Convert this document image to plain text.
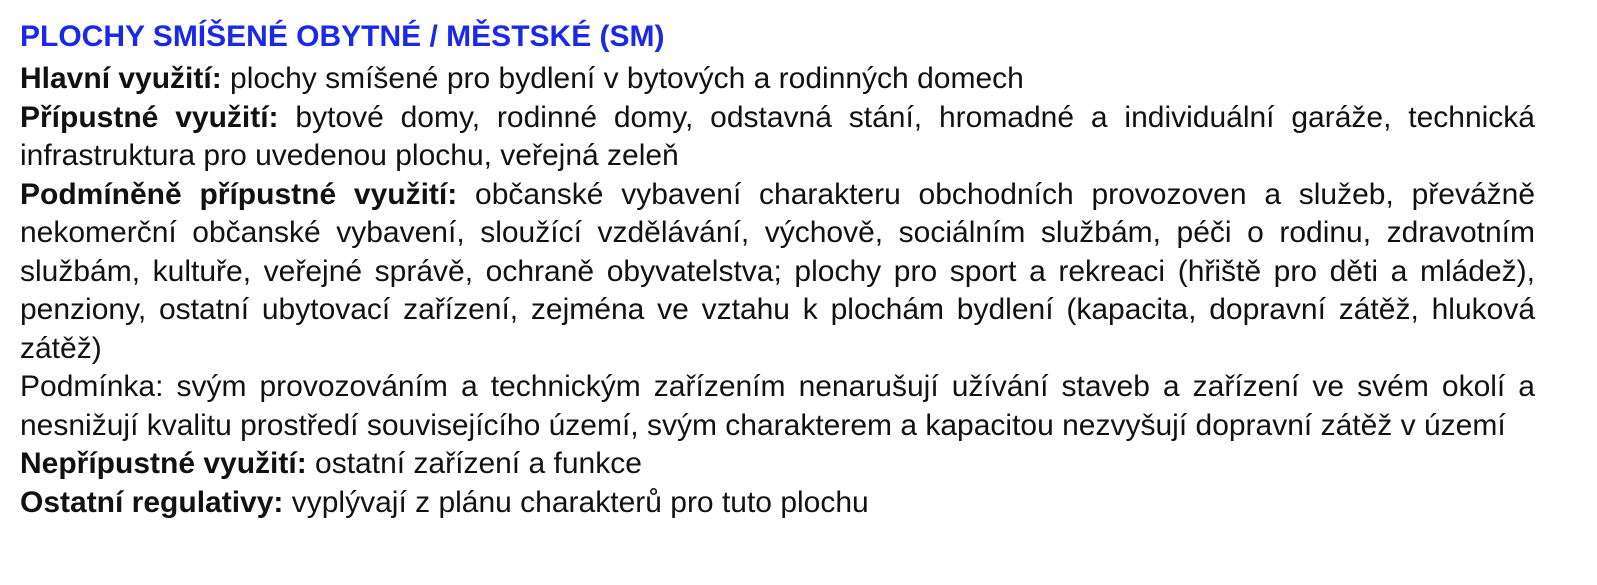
PLOCHY SMÍŠENÉ OBYTNÉ / MĚSTSKÉ (SM)

Hlavní využití: plochy smíšené pro bydlení v bytových a rodinných domech

Přípustné využití: bytové domy, rodinné domy, odstavná stání, hromadné a individuální garáže, technická infrastruktura pro uvedenou plochu, veřejná zeleň

Podmíněně přípustné využití: občanské vybavení charakteru obchodních provozoven a služeb, převážně nekomerční občanské vybavení, sloužící vzdělávání, výchově, sociálním službám, péči o rodinu, zdravotním službám, kultuře, veřejné správě, ochraně obyvatelstva; plochy pro sport a rekreaci (hřiště pro děti a mládež), penziony, ostatní ubytovací zařízení, zejména ve vztahu k plochám bydlení (kapacita, dopravní zátěž, hluková zátěž)

Podmínka: svým provozováním a technickým zařízením nenarušují užívání staveb a zařízení ve svém okolí a nesnižují kvalitu prostředí souvisejícího území, svým charakterem a kapacitou nezvyšují dopravní zátěž v území

Nepřípustné využití: ostatní zařízení a funkce

Ostatní regulativy: vyplývají z plánu charakterů pro tuto plochu
